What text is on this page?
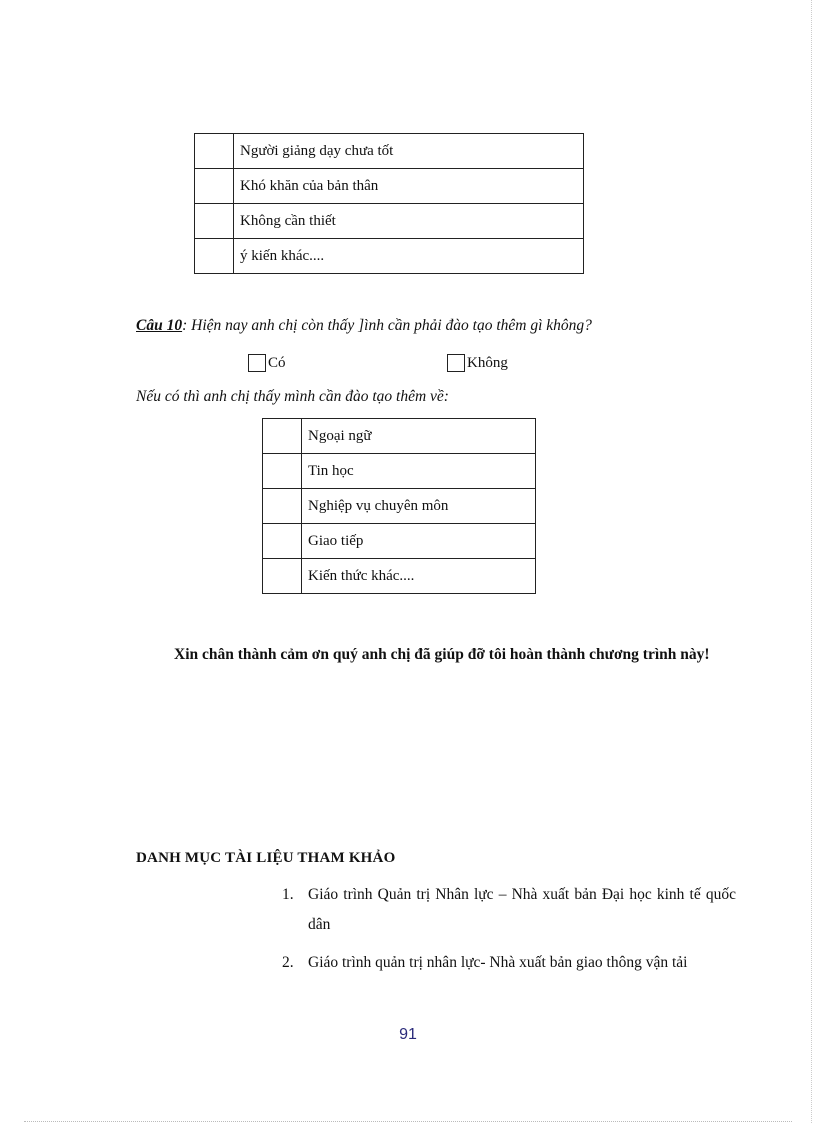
	Người giảng dạy chưa tốt
	Khó khăn của bản thân
	Không cần thiết
	ý kiến khác....
Câu 10: Hiện nay anh chị còn thấy ]ình cần phải đào tạo thêm gì không?
Có	Không
Nếu có thì anh chị thấy mình cần đào tạo thêm về:
	Ngoại ngữ
	Tin học
	Nghiệp vụ chuyên môn
	Giao tiếp
	Kiến thức khác....
Xin chân thành cảm ơn quý anh chị đã giúp đỡ tôi hoàn thành chương trình này!
DANH MỤC TÀI LIỆU THAM KHẢO
1. Giáo trình Quản trị Nhân lực – Nhà xuất bản Đại học kinh tế quốc dân
2. Giáo trình quản trị nhân lực- Nhà xuất bản giao thông vận tải
91
